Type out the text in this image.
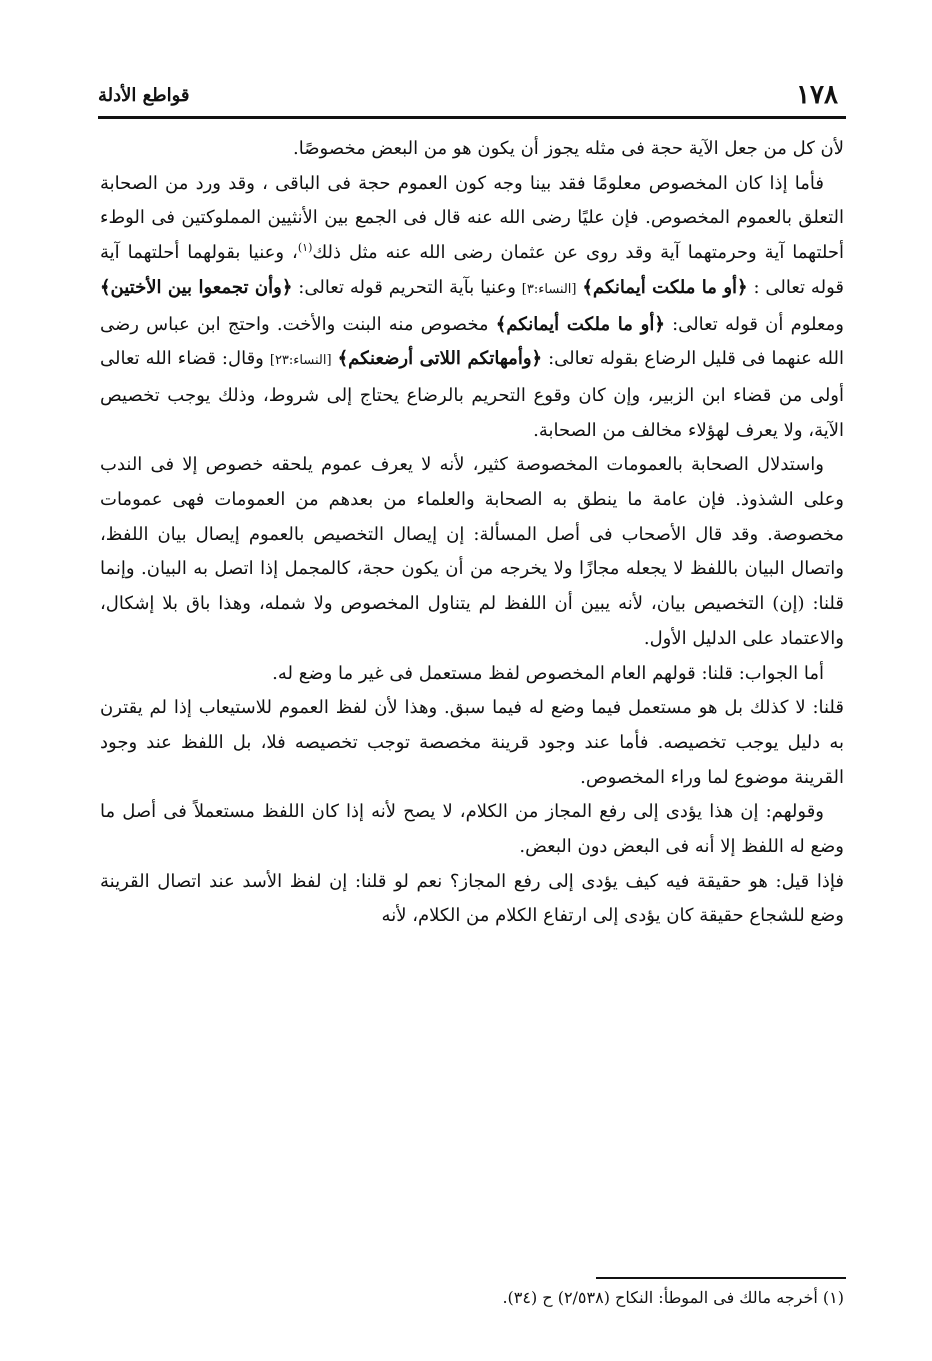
١٧٨
قواطع الأدلة

لأن كل من جعل الآية حجة فى مثله يجوز أن يكون هو من البعض مخصوصًا.

فأما إذا كان المخصوص معلومًا فقد بينا وجه كون العموم حجة فى الباقى ، وقد ورد من الصحابة التعلق بالعموم المخصوص. فإن عليًا رضى الله عنه قال فى الجمع بين الأنثيين المملوكتين فى الوطء أحلتهما آية وحرمتهما آية وقد روى عن عثمان رضى الله عنه مثل ذلك$^{(١)}$، وعنيا بقولهما أحلتهما آية قوله تعالى : ﴿أو ما ملكت أيمانكم﴾ [النساء:٣] وعنيا بآية التحريم قوله تعالى: ﴿وأن تجمعوا بين الأختين﴾ ومعلوم أن قوله تعالى: ﴿أو ما ملكت أيمانكم﴾ مخصوص منه البنت والأخت. واحتج ابن عباس رضى الله عنهما فى قليل الرضاع بقوله تعالى: ﴿وأمهاتكم اللاتى أرضعنكم﴾ [النساء:٢٣] وقال: قضاء الله تعالى أولى من قضاء ابن الزبير، وإن كان وقوع التحريم بالرضاع يحتاج إلى شروط، وذلك يوجب تخصيص الآية، ولا يعرف لهؤلاء مخالف من الصحابة.

واستدلال الصحابة بالعمومات المخصوصة كثير، لأنه لا يعرف عموم يلحقه خصوص إلا فى الندب وعلى الشذوذ. فإن عامة ما ينطق به الصحابة والعلماء من بعدهم من العمومات فهى عمومات مخصوصة. وقد قال الأصحاب فى أصل المسألة: إن إيصال التخصيص بالعموم إيصال بيان اللفظ، واتصال البيان باللفظ لا يجعله مجازًا ولا يخرجه من أن يكون حجة، كالمجمل إذا اتصل به البيان. وإنما قلنا: (إن) التخصيص بيان، لأنه يبين أن اللفظ لم يتناول المخصوص ولا شمله، وهذا باق بلا إشكال، والاعتماد على الدليل الأول.

أما الجواب: قلنا: قولهم العام المخصوص لفظ مستعمل فى غير ما وضع له.

قلنا: لا كذلك بل هو مستعمل فيما وضع له فيما سبق. وهذا لأن لفظ العموم للاستيعاب إذا لم يقترن به دليل يوجب تخصيصه. فأما عند وجود قرينة مخصصة توجب تخصيصه فلا، بل اللفظ عند وجود القرينة موضوع لما وراء المخصوص.

وقولهم: إن هذا يؤدى إلى رفع المجاز من الكلام، لا يصح لأنه إذا كان اللفظ مستعملاً فى أصل ما وضع له اللفظ إلا أنه فى البعض دون البعض.

فإذا قيل: هو حقيقة فيه كيف يؤدى إلى رفع المجاز؟ نعم لو قلنا: إن لفظ الأسد عند اتصال القرينة وضع للشجاع حقيقة كان يؤدى إلى ارتفاع الكلام من الكلام، لأنه

(١) أخرجه مالك فى الموطأ: النكاح (٢/٥٣٨) ح (٣٤).
